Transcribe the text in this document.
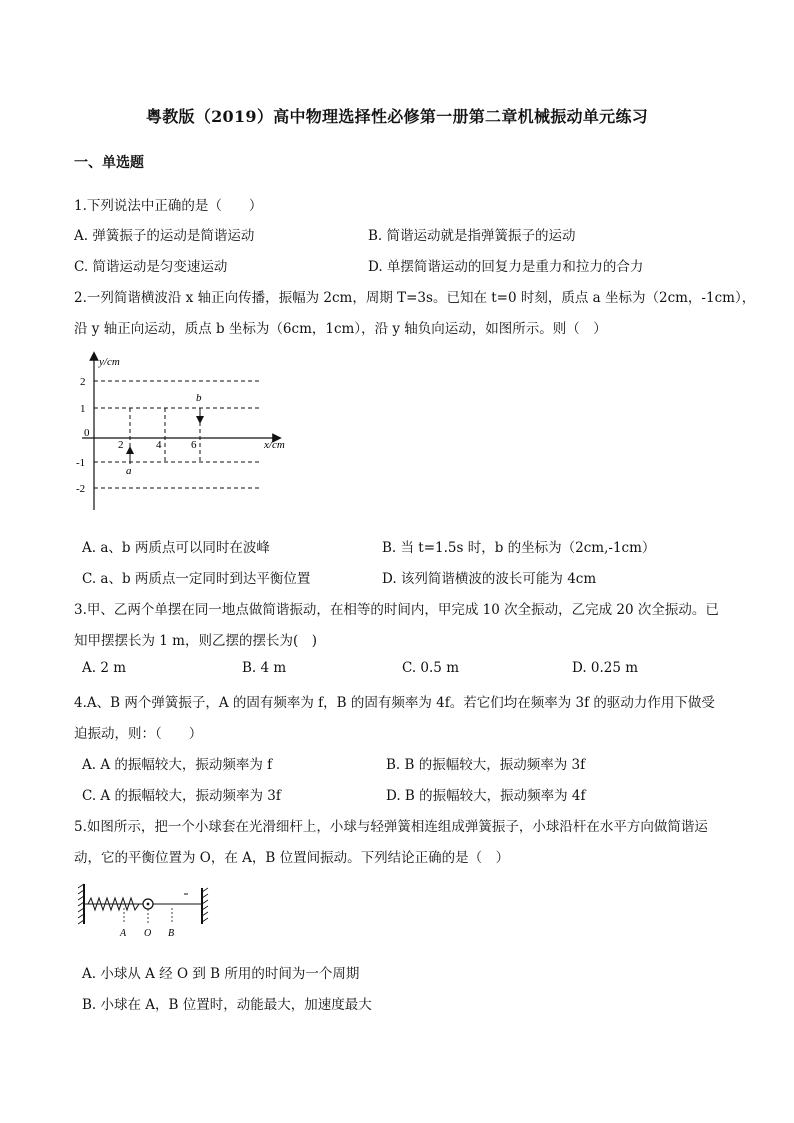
粤教版（2019）高中物理选择性必修第一册第二章机械振动单元练习
一、单选题
1.下列说法中正确的是（　　）
A. 弹簧振子的运动是简谐运动	B. 简谐运动就是指弹簧振子的运动
C. 简谐运动是匀变速运动	D. 单摆简谐运动的回复力是重力和拉力的合力
2.一列简谐横波沿 x 轴正向传播，振幅为 2cm，周期 T=3s。已知在 t=0 时刻，质点 a 坐标为（2cm，-1cm），
沿 y 轴正向运动，质点 b 坐标为（6cm，1cm），沿 y 轴负向运动，如图所示。则（　）
y/cm
x/cm
0
2
1
-1
-2
2	4	6
a
b
A. a、b 两质点可以同时在波峰	B. 当 t=1.5s 时，b 的坐标为（2cm,-1cm）
C. a、b 两质点一定同时到达平衡位置	D. 该列简谐横波的波长可能为 4cm
3.甲、乙两个单摆在同一地点做简谐振动，在相等的时间内，甲完成 10 次全振动，乙完成 20 次全振动。已
知甲摆摆长为 1 m，则乙摆的摆长为(　)
A. 2 m	B. 4 m	C. 0.5 m	D. 0.25 m
4.A、B 两个弹簧振子，A 的固有频率为 f，B 的固有频率为 4f。若它们均在频率为 3f 的驱动力作用下做受
迫振动，则：（　　）
A. A 的振幅较大，振动频率为 f	B. B 的振幅较大，振动频率为 3f
C. A 的振幅较大，振动频率为 3f	D. B 的振幅较大，振动频率为 4f
5.如图所示，把一个小球套在光滑细杆上，小球与轻弹簧相连组成弹簧振子，小球沿杆在水平方向做简谐运
动，它的平衡位置为 O，在 A，B 位置间振动。下列结论正确的是（　）
A O B
A. 小球从 A 经 O 到 B 所用的时间为一个周期
B. 小球在 A，B 位置时，动能最大，加速度最大
